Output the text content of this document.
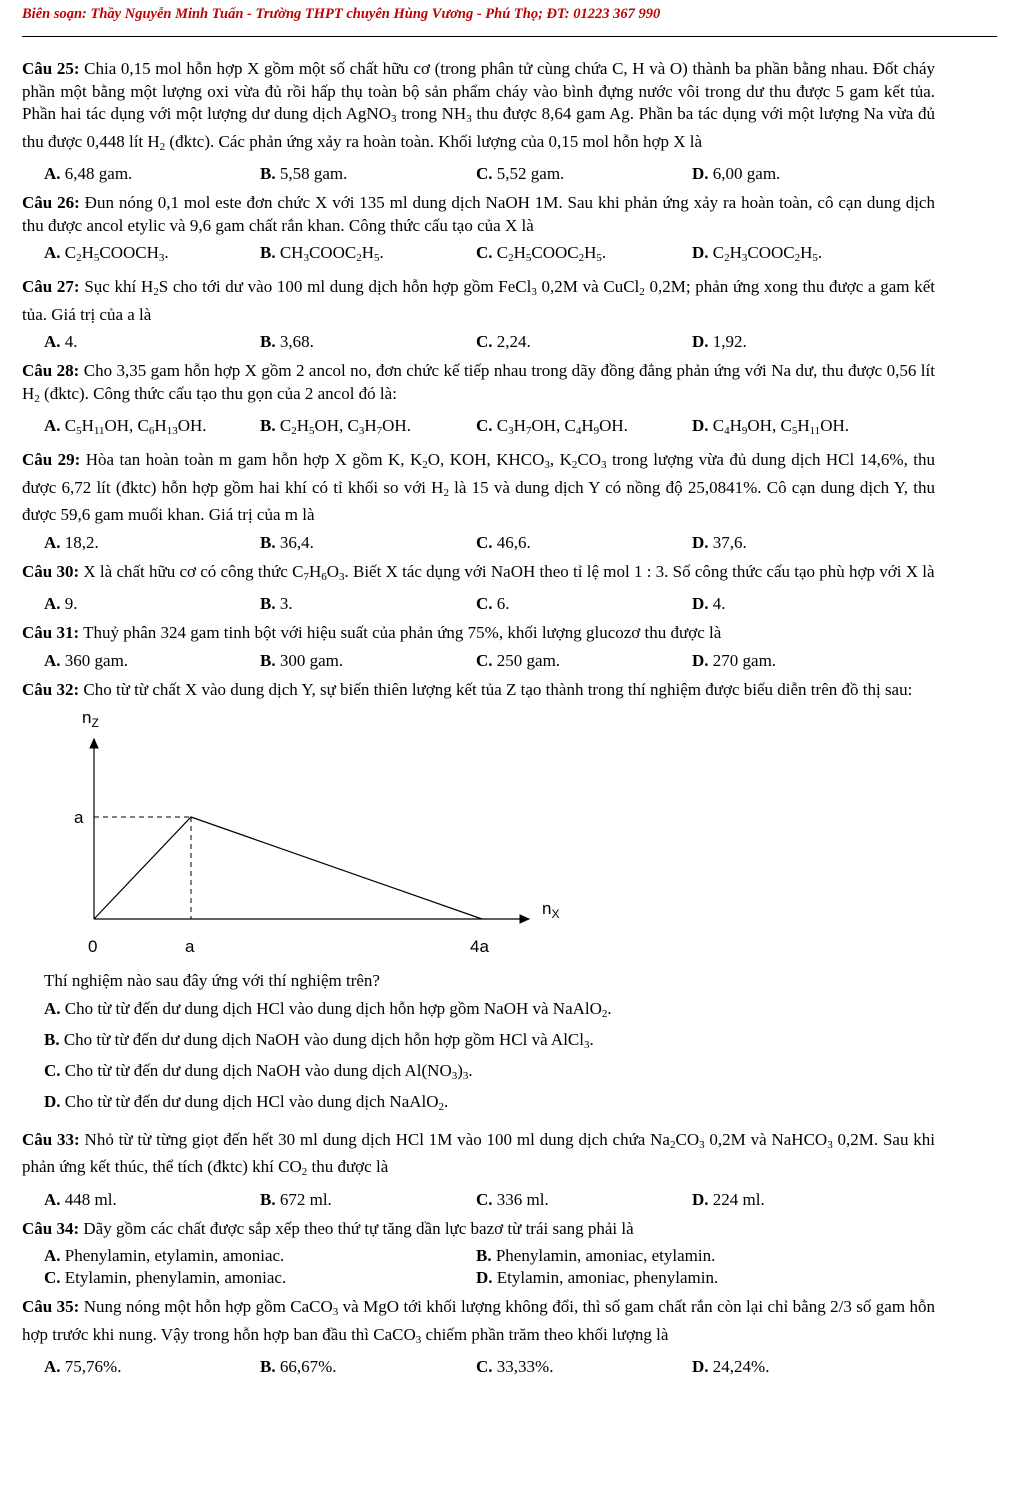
Biên soạn: Thầy Nguyễn Minh Tuấn - Trường THPT chuyên Hùng Vương - Phú Thọ; ĐT: 01223 367 990
Câu 25: Chia 0,15 mol hỗn hợp X gồm một số chất hữu cơ (trong phân tử cùng chứa C, H và O) thành ba phần bằng nhau. Đốt cháy phần một bằng một lượng oxi vừa đủ rồi hấp thụ toàn bộ sản phẩm cháy vào bình đựng nước vôi trong dư thu được 5 gam kết tủa. Phần hai tác dụng với một lượng dư dung dịch AgNO$_3$ trong $NH_3$ thu được 8,64 gam Ag. Phần ba tác dụng với một lượng Na vừa đủ thu được 0,448 lít $H_2$ (đktc). Các phản ứng xảy ra hoàn toàn. Khối lượng của 0,15 mol hỗn hợp X là
A. 6,48 gam.	B. 5,58 gam.	C. 5,52 gam.	D. 6,00 gam.
Câu 26: Đun nóng 0,1 mol este đơn chức X với 135 ml dung dịch NaOH 1M. Sau khi phản ứng xảy ra hoàn toàn, cô cạn dung dịch thu được ancol etylic và 9,6 gam chất rắn khan. Công thức cấu tạo của X là
A. $C_2H_5COOCH_3$.	B. $CH_3COOC_2H_5$.	C. $C_2H_5COOC_2H_5$.	D. $C_2H_3COOC_2H_5$.
Câu 27: Sục khí $H_2S$ cho tới dư vào 100 ml dung dịch hỗn hợp gồm FeCl$_3$ 0,2M và CuCl$_2$ 0,2M; phản ứng xong thu được a gam kết tủa. Giá trị của a là
A. 4.	B. 3,68.	C. 2,24.	D. 1,92.
Câu 28: Cho 3,35 gam hỗn hợp X gồm 2 ancol no, đơn chức kế tiếp nhau trong dãy đồng đẳng phản ứng với Na dư, thu được 0,56 lít $H_2$ (đktc). Công thức cấu tạo thu gọn của 2 ancol đó là:
A. $C_5H_{11}OH$, $C_6H_{13}OH$.	B. $C_2H_5OH$, $C_3H_7OH$.	C. $C_3H_7OH$, $C_4H_9OH$.	D. $C_4H_9OH$, $C_5H_{11}OH$.
Câu 29: Hòa tan hoàn toàn m gam hỗn hợp X gồm K, $K_2O$, KOH, $KHCO_3$, $K_2CO_3$ trong lượng vừa đủ dung dịch HCl 14,6%, thu được 6,72 lít (đktc) hỗn hợp gồm hai khí có tỉ khối so với $H_2$ là 15 và dung dịch Y có nồng độ 25,0841%. Cô cạn dung dịch Y, thu được 59,6 gam muối khan. Giá trị của m là
A. 18,2.	B. 36,4.	C. 46,6.	D. 37,6.
Câu 30: X là chất hữu cơ có công thức $C_7H_6O_3$. Biết X tác dụng với NaOH theo tỉ lệ mol 1 : 3. Số công thức cấu tạo phù hợp với X là
A. 9.	B. 3.	C. 6.	D. 4.
Câu 31: Thuỷ phân 324 gam tinh bột với hiệu suất của phản ứng 75%, khối lượng glucozơ thu được là
A. 360 gam.	B. 300 gam.	C. 250 gam.	D. 270 gam.
Câu 32: Cho từ từ chất X vào dung dịch Y, sự biến thiên lượng kết tủa Z tạo thành trong thí nghiệm được biểu diễn trên đồ thị sau:
$n_Z$
$n_X$
0	a	4a
a
Thí nghiệm nào sau đây ứng với thí nghiệm trên?
A. Cho từ từ đến dư dung dịch HCl vào dung dịch hỗn hợp gồm NaOH và NaAlO$_2$.
B. Cho từ từ đến dư dung dịch NaOH vào dung dịch hỗn hợp gồm HCl và AlCl$_3$.
C. Cho từ từ đến dư dung dịch NaOH vào dung dịch $Al(NO_3)_3$.
D. Cho từ từ đến dư dung dịch HCl vào dung dịch NaAlO$_2$.
Câu 33: Nhỏ từ từ từng giọt đến hết 30 ml dung dịch HCl 1M vào 100 ml dung dịch chứa $Na_2CO_3$ 0,2M và NaHCO$_3$ 0,2M. Sau khi phản ứng kết thúc, thể tích (đktc) khí $CO_2$ thu được là
A. 448 ml.	B. 672 ml.	C. 336 ml.	D. 224 ml.
Câu 34: Dãy gồm các chất được sắp xếp theo thứ tự tăng dần lực bazơ từ trái sang phải là
A. Phenylamin, etylamin, amoniac.	B. Phenylamin, amoniac, etylamin.
C. Etylamin, phenylamin, amoniac.	D. Etylamin, amoniac, phenylamin.
Câu 35: Nung nóng một hỗn hợp gồm CaCO$_3$ và MgO tới khối lượng không đổi, thì số gam chất rắn còn lại chỉ bằng 2/3 số gam hỗn hợp trước khi nung. Vậy trong hỗn hợp ban đầu thì CaCO$_3$ chiếm phần trăm theo khối lượng là
A. 75,76%.	B. 66,67%.	C. 33,33%.	D. 24,24%.
